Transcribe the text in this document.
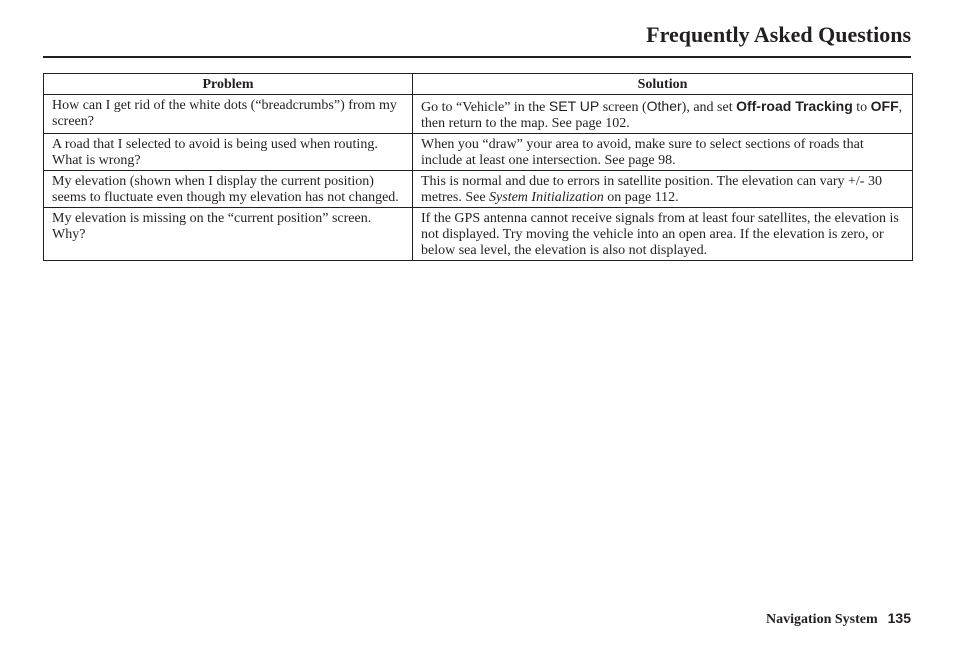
Frequently Asked Questions
Problem	Solution
How can I get rid of the white dots (“breadcrumbs”) from my screen?	Go to “Vehicle” in the SET UP screen (Other), and set Off-road Tracking to OFF, then return to the map. See page 102.
A road that I selected to avoid is being used when routing. What is wrong?	When you “draw” your area to avoid, make sure to select sections of roads that include at least one intersection. See page 98.
My elevation (shown when I display the current position) seems to fluctuate even though my elevation has not changed.	This is normal and due to errors in satellite position. The elevation can vary +/- 30 metres. See System Initialization on page 112.
My elevation is missing on the “current position” screen. Why?	If the GPS antenna cannot receive signals from at least four satellites, the elevation is not displayed. Try moving the vehicle into an open area. If the elevation is zero, or below sea level, the elevation is also not displayed.
Navigation System 135
